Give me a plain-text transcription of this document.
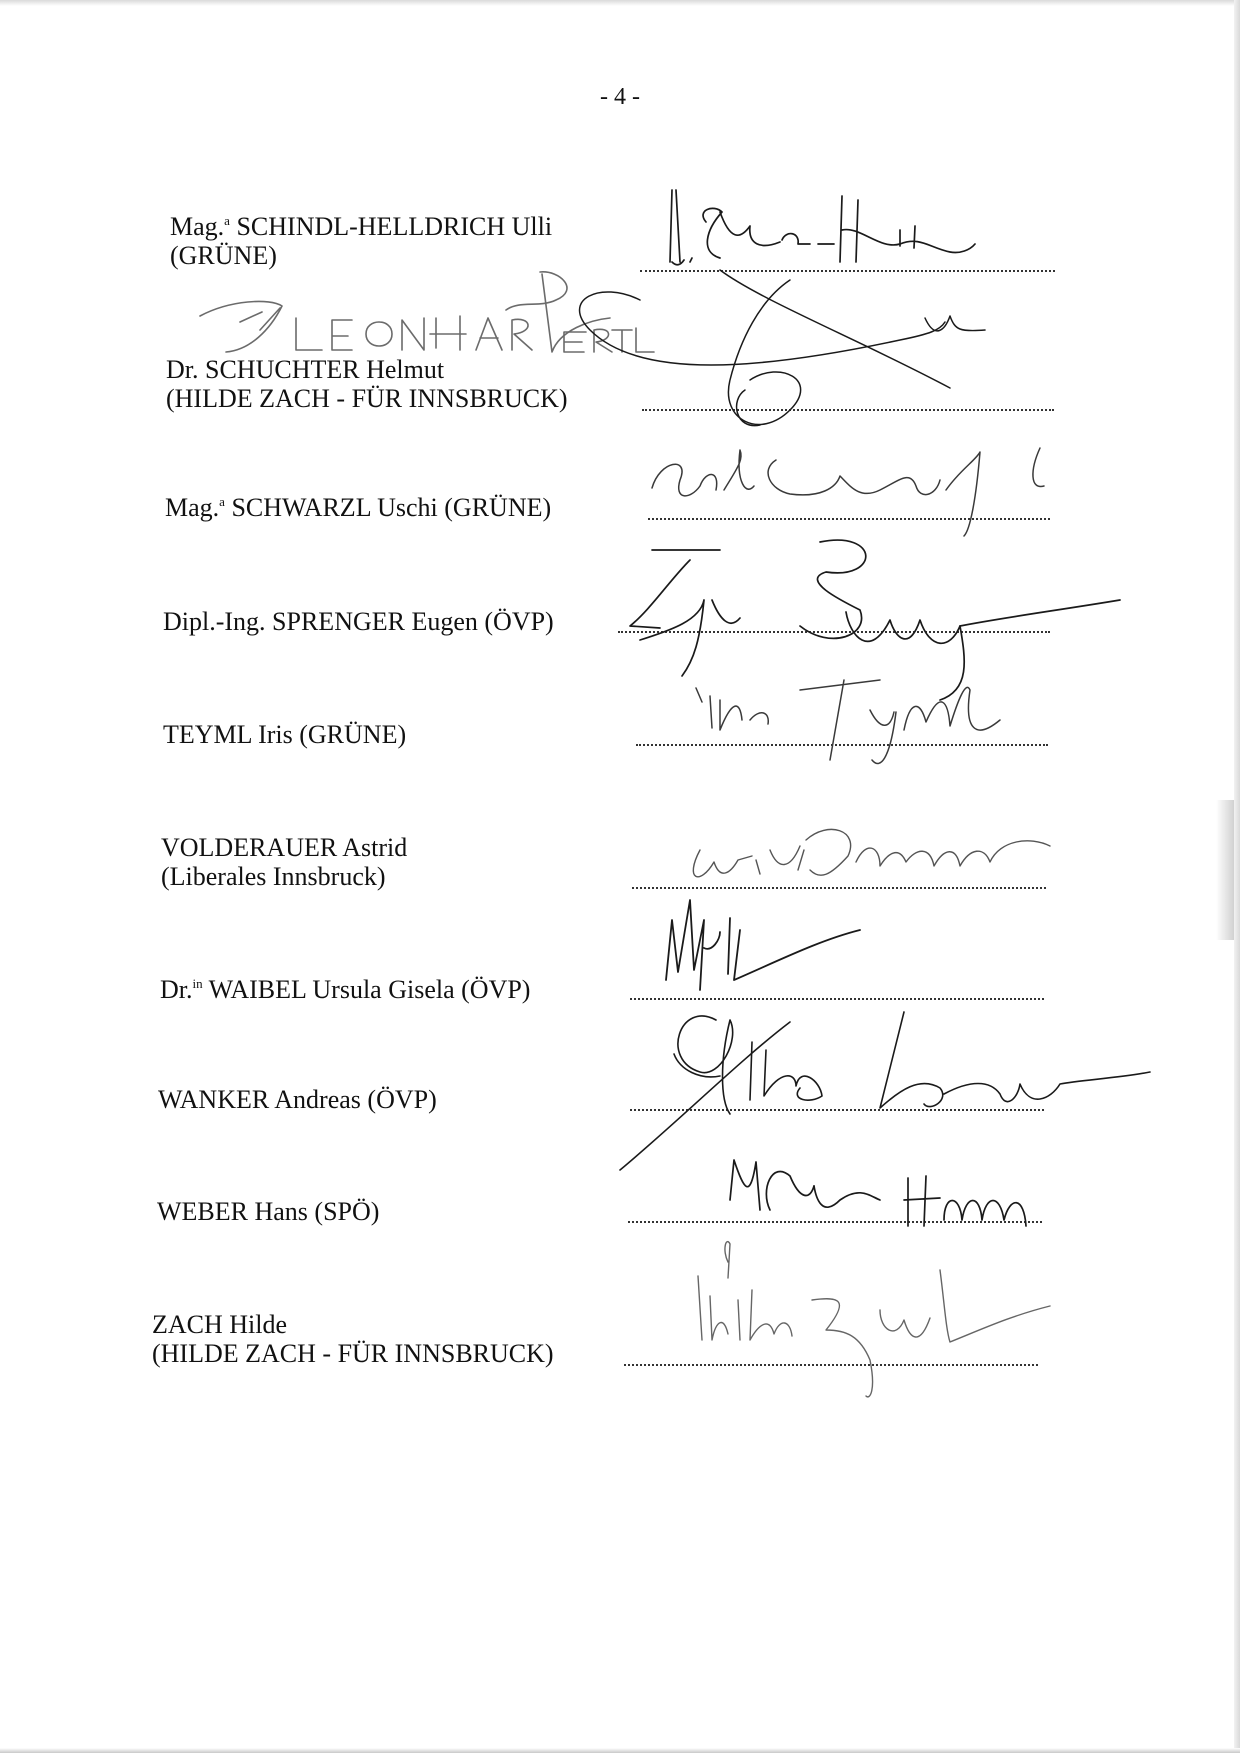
- 4 -
Mag.$^a$ SCHINDL-HELLDRICH Ulli
(GRÜNE)
Dr. SCHUCHTER Helmut
(HILDE ZACH - FÜR INNSBRUCK)
Mag.$^a$ SCHWARZL Uschi (GRÜNE)
Dipl.-Ing. SPRENGER Eugen (ÖVP)
TEYML Iris (GRÜNE)
VOLDERAUER Astrid
(Liberales Innsbruck)
Dr.$^{in}$ WAIBEL Ursula Gisela (ÖVP)
WANKER Andreas (ÖVP)
WEBER Hans (SPÖ)
ZACH Hilde
(HILDE ZACH - FÜR INNSBRUCK)
